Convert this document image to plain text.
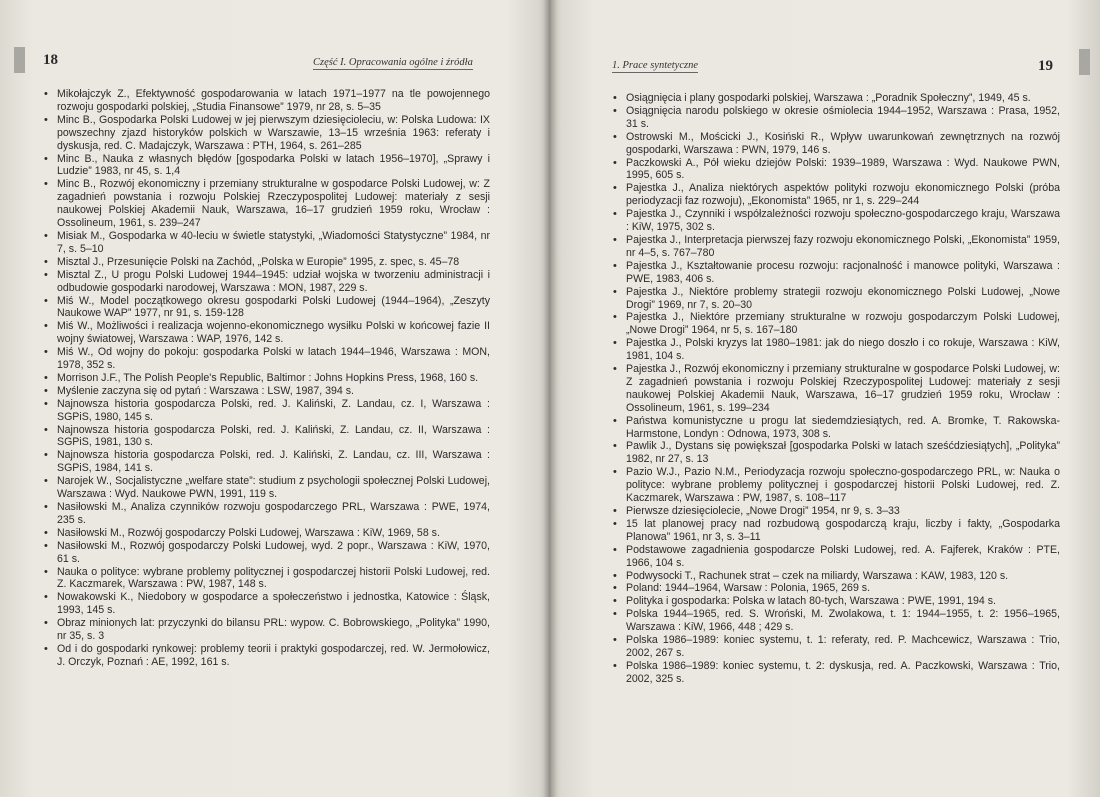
18	Część I. Opracowania ogólne i źródła
• Mikołajczyk Z., Efektywność gospodarowania w latach 1971–1977 na tle powojennego rozwoju gospodarki polskiej, „Studia Finansowe” 1979, nr 28, s. 5–35
• Minc B., Gospodarka Polski Ludowej w jej pierwszym dziesięcioleciu, w: Polska Ludowa: IX powszechny zjazd historyków polskich w Warszawie, 13–15 września 1963: referaty i dyskusja, red. C. Madajczyk, Warszawa : PTH, 1964, s. 261–285
• Minc B., Nauka z własnych błędów [gospodarka Polski w latach 1956–1970], „Sprawy i Ludzie” 1983, nr 45, s. 1,4
• Minc B., Rozwój ekonomiczny i przemiany strukturalne w gospodarce Polski Ludowej, w: Z zagadnień powstania i rozwoju Polskiej Rzeczypospolitej Ludowej: materiały z sesji naukowej Polskiej Akademii Nauk, Warszawa, 16–17 grudzień 1959 roku, Wrocław : Ossolineum, 1961, s. 239–247
• Misiak M., Gospodarka w 40-leciu w świetle statystyki, „Wiadomości Statystyczne” 1984, nr 7, s. 5–10
• Misztal J., Przesunięcie Polski na Zachód, „Polska w Europie” 1995, z. spec, s. 45–78
• Misztal Z., U progu Polski Ludowej 1944–1945: udział wojska w tworzeniu administracji i odbudowie gospodarki narodowej, Warszawa : MON, 1987, 229 s.
• Miś W., Model początkowego okresu gospodarki Polski Ludowej (1944–1964), „Zeszyty Naukowe WAP” 1977, nr 91, s. 159-128
• Miś W., Możliwości i realizacja wojenno-ekonomicznego wysiłku Polski w końcowej fazie II wojny światowej, Warszawa : WAP, 1976, 142 s.
• Miś W., Od wojny do pokoju: gospodarka Polski w latach 1944–1946, Warszawa : MON, 1978, 352 s.
• Morrison J.F., The Polish People's Republic, Baltimor : Johns Hopkins Press, 1968, 160 s.
• Myślenie zaczyna się od pytań : Warszawa : LSW, 1987, 394 s.
• Najnowsza historia gospodarcza Polski, red. J. Kaliński, Z. Landau, cz. I, Warszawa : SGPiS, 1980, 145 s.
• Najnowsza historia gospodarcza Polski, red. J. Kaliński, Z. Landau, cz. II, Warszawa : SGPiS, 1981, 130 s.
• Najnowsza historia gospodarcza Polski, red. J. Kaliński, Z. Landau, cz. III, Warszawa : SGPiS, 1984, 141 s.
• Narojek W., Socjalistyczne „welfare state”: studium z psychologii społecznej Polski Ludowej, Warszawa : Wyd. Naukowe PWN, 1991, 119 s.
• Nasiłowski M., Analiza czynników rozwoju gospodarczego PRL, Warszawa : PWE, 1974, 235 s.
• Nasiłowski M., Rozwój gospodarczy Polski Ludowej, Warszawa : KiW, 1969, 58 s.
• Nasiłowski M., Rozwój gospodarczy Polski Ludowej, wyd. 2 popr., Warszawa : KiW, 1970, 61 s.
• Nauka o polityce: wybrane problemy politycznej i gospodarczej historii Polski Ludowej, red. Z. Kaczmarek, Warszawa : PW, 1987, 148 s.
• Nowakowski K., Niedobory w gospodarce a społeczeństwo i jednostka, Katowice : Śląsk, 1993, 145 s.
• Obraz minionych lat: przyczynki do bilansu PRL: wypow. C. Bobrowskiego, „Polityka” 1990, nr 35, s. 3
• Od i do gospodarki rynkowej: problemy teorii i praktyki gospodarczej, red. W. Jermołowicz, J. Orczyk, Poznań : AE, 1992, 161 s.
1. Prace syntetyczne	19
• Osiągnięcia i plany gospodarki polskiej, Warszawa : „Poradnik Społeczny”, 1949, 45 s.
• Osiągnięcia narodu polskiego w okresie ośmiolecia 1944–1952, Warszawa : Prasa, 1952, 31 s.
• Ostrowski M., Mościcki J., Kosiński R., Wpływ uwarunkowań zewnętrznych na rozwój gospodarki, Warszawa : PWN, 1979, 146 s.
• Paczkowski A., Pół wieku dziejów Polski: 1939–1989, Warszawa : Wyd. Naukowe PWN, 1995, 605 s.
• Pajestka J., Analiza niektórych aspektów polityki rozwoju ekonomicznego Polski (próba periodyzacji faz rozwoju), „Ekonomista” 1965, nr 1, s. 229–244
• Pajestka J., Czynniki i współzależności rozwoju społeczno-gospodarczego kraju, Warszawa : KiW, 1975, 302 s.
• Pajestka J., Interpretacja pierwszej fazy rozwoju ekonomicznego Polski, „Ekonomista” 1959, nr 4–5, s. 767–780
• Pajestka J., Kształtowanie procesu rozwoju: racjonalność i manowce polityki, Warszawa : PWE, 1983, 406 s.
• Pajestka J., Niektóre problemy strategii rozwoju ekonomicznego Polski Ludowej, „Nowe Drogi” 1969, nr 7, s. 20–30
• Pajestka J., Niektóre przemiany strukturalne w rozwoju gospodarczym Polski Ludowej, „Nowe Drogi” 1964, nr 5, s. 167–180
• Pajestka J., Polski kryzys lat 1980–1981: jak do niego doszło i co rokuje, Warszawa : KiW, 1981, 104 s.
• Pajestka J., Rozwój ekonomiczny i przemiany strukturalne w gospodarce Polski Ludowej, w: Z zagadnień powstania i rozwoju Polskiej Rzeczypospolitej Ludowej: materiały z sesji naukowej Polskiej Akademii Nauk, Warszawa, 16–17 grudzień 1959 roku, Wrocław : Ossolineum, 1961, s. 199–234
• Państwa komunistyczne u progu lat siedemdziesiątych, red. A. Bromke, T. Rakowska-Harmstone, Londyn : Odnowa, 1973, 308 s.
• Pawlik J., Dystans się powiększał [gospodarka Polski w latach sześćdziesiątych], „Polityka” 1982, nr 27, s. 13
• Pazio W.J., Pazio N.M., Periodyzacja rozwoju społeczno-gospodarczego PRL, w: Nauka o polityce: wybrane problemy politycznej i gospodarczej historii Polski Ludowej, red. Z. Kaczmarek, Warszawa : PW, 1987, s. 108–117
• Pierwsze dziesięciolecie, „Nowe Drogi” 1954, nr 9, s. 3–33
• 15 lat planowej pracy nad rozbudową gospodarczą kraju, liczby i fakty, „Gospodarka Planowa” 1961, nr 3, s. 3–11
• Podstawowe zagadnienia gospodarcze Polski Ludowej, red. A. Fajferek, Kraków : PTE, 1966, 104 s.
• Podwysocki T., Rachunek strat – czek na miliardy, Warszawa : KAW, 1983, 120 s.
• Poland: 1944–1964, Warsaw : Polonia, 1965, 269 s.
• Polityka i gospodarka: Polska w latach 80-tych, Warszawa : PWE, 1991, 194 s.
• Polska 1944–1965, red. S. Wroński, M. Zwolakowa, t. 1: 1944–1955, t. 2: 1956–1965, Warszawa : KiW, 1966, 448 ; 429 s.
• Polska 1986–1989: koniec systemu, t. 1: referaty, red. P. Machcewicz, Warszawa : Trio, 2002, 267 s.
• Polska 1986–1989: koniec systemu, t. 2: dyskusja, red. A. Paczkowski, Warszawa : Trio, 2002, 325 s.
